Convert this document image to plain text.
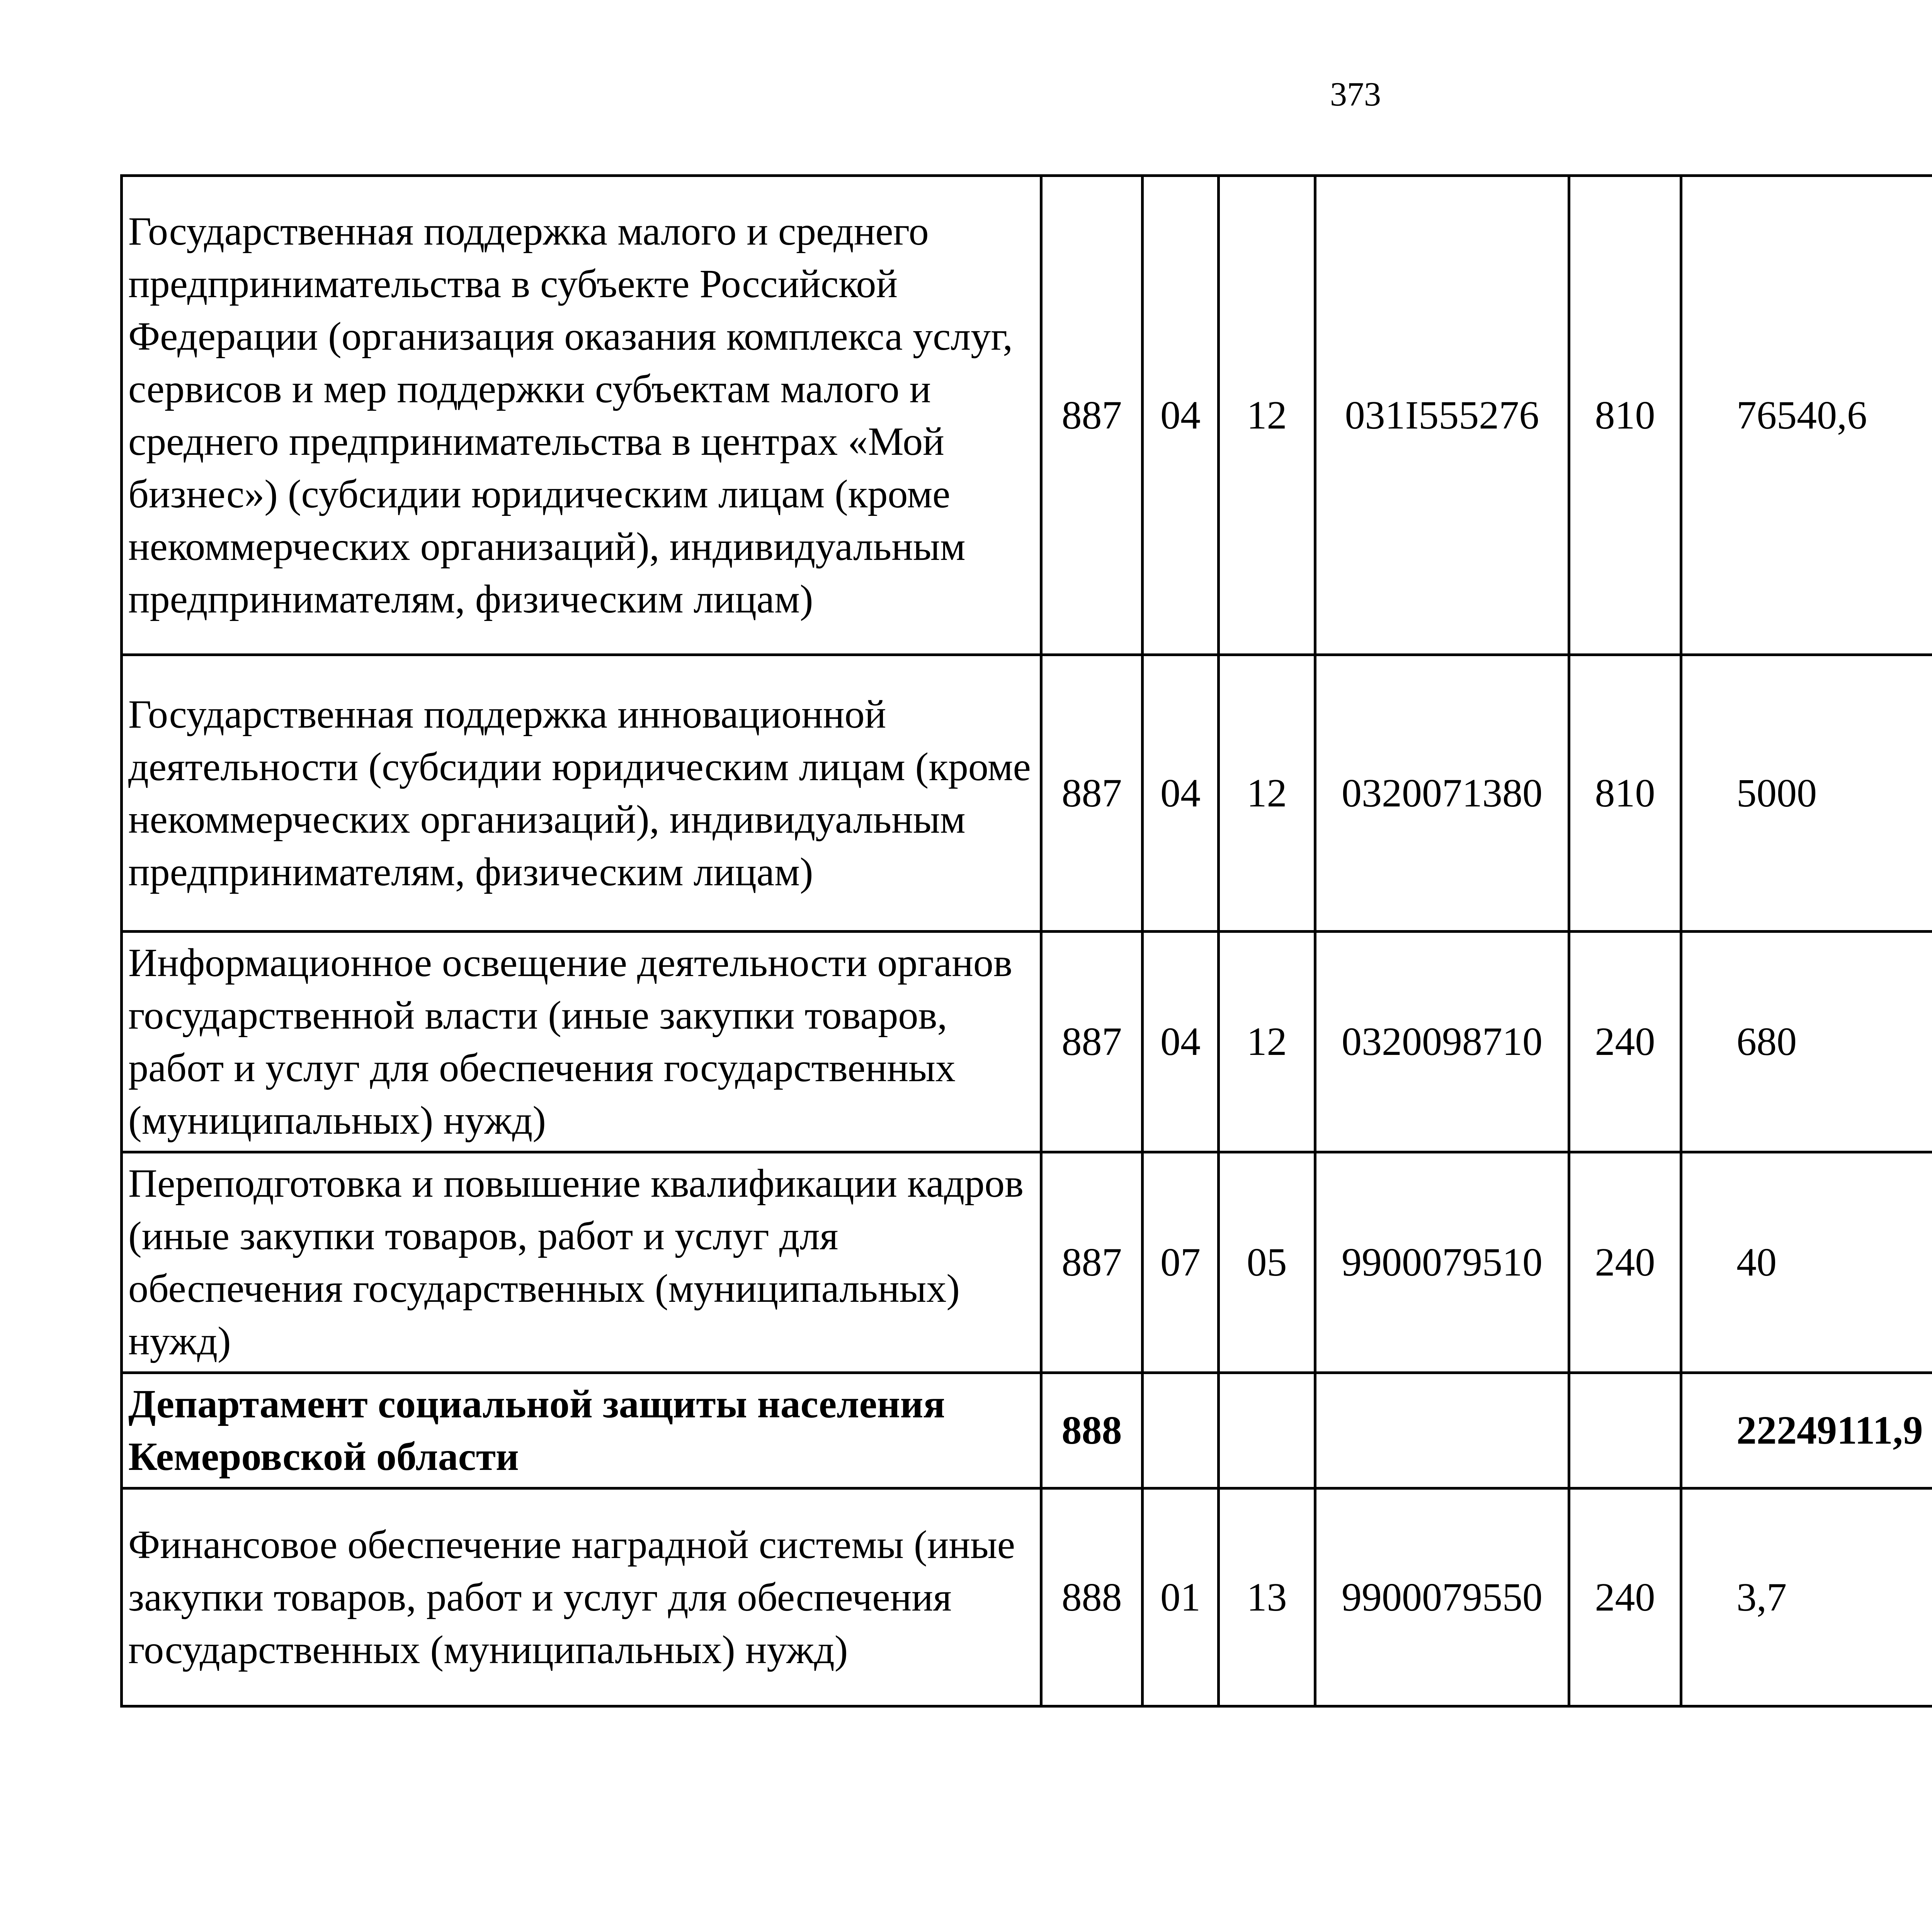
373
Государственная поддержка малого и среднего предпринимательства в субъекте Российской Федерации (организация оказания комплекса услуг, сервисов и мер поддержки субъектам малого и среднего предпринимательства в центрах «Мой бизнес») (субсидии юридическим лицам (кроме некоммерческих организаций), индивидуальным предпринимателям, физическим лицам)	887	04	12	031I555276	810	76540,6		
Государственная поддержка инновационной деятельности (субсидии юридическим лицам (кроме некоммерческих организаций), индивидуальным предпринимателям, физическим лицам)	887	04	12	0320071380	810	5000		
Информационное освещение деятельности органов государственной власти (иные закупки товаров, работ и услуг для обеспечения государственных (муниципальных) нужд)	887	04	12	0320098710	240	680		
Переподготовка и повышение квалификации кадров (иные закупки товаров, работ и услуг для обеспечения государственных (муниципальных) нужд)	887	07	05	9900079510	240	40		
Департамент социальной защиты населения Кемеровской области	888					22249111,9		
Финансовое обеспечение наградной системы (иные закупки товаров, работ и услуг для обеспечения государственных (муниципальных) нужд)	888	01	13	9900079550	240	3,7		
